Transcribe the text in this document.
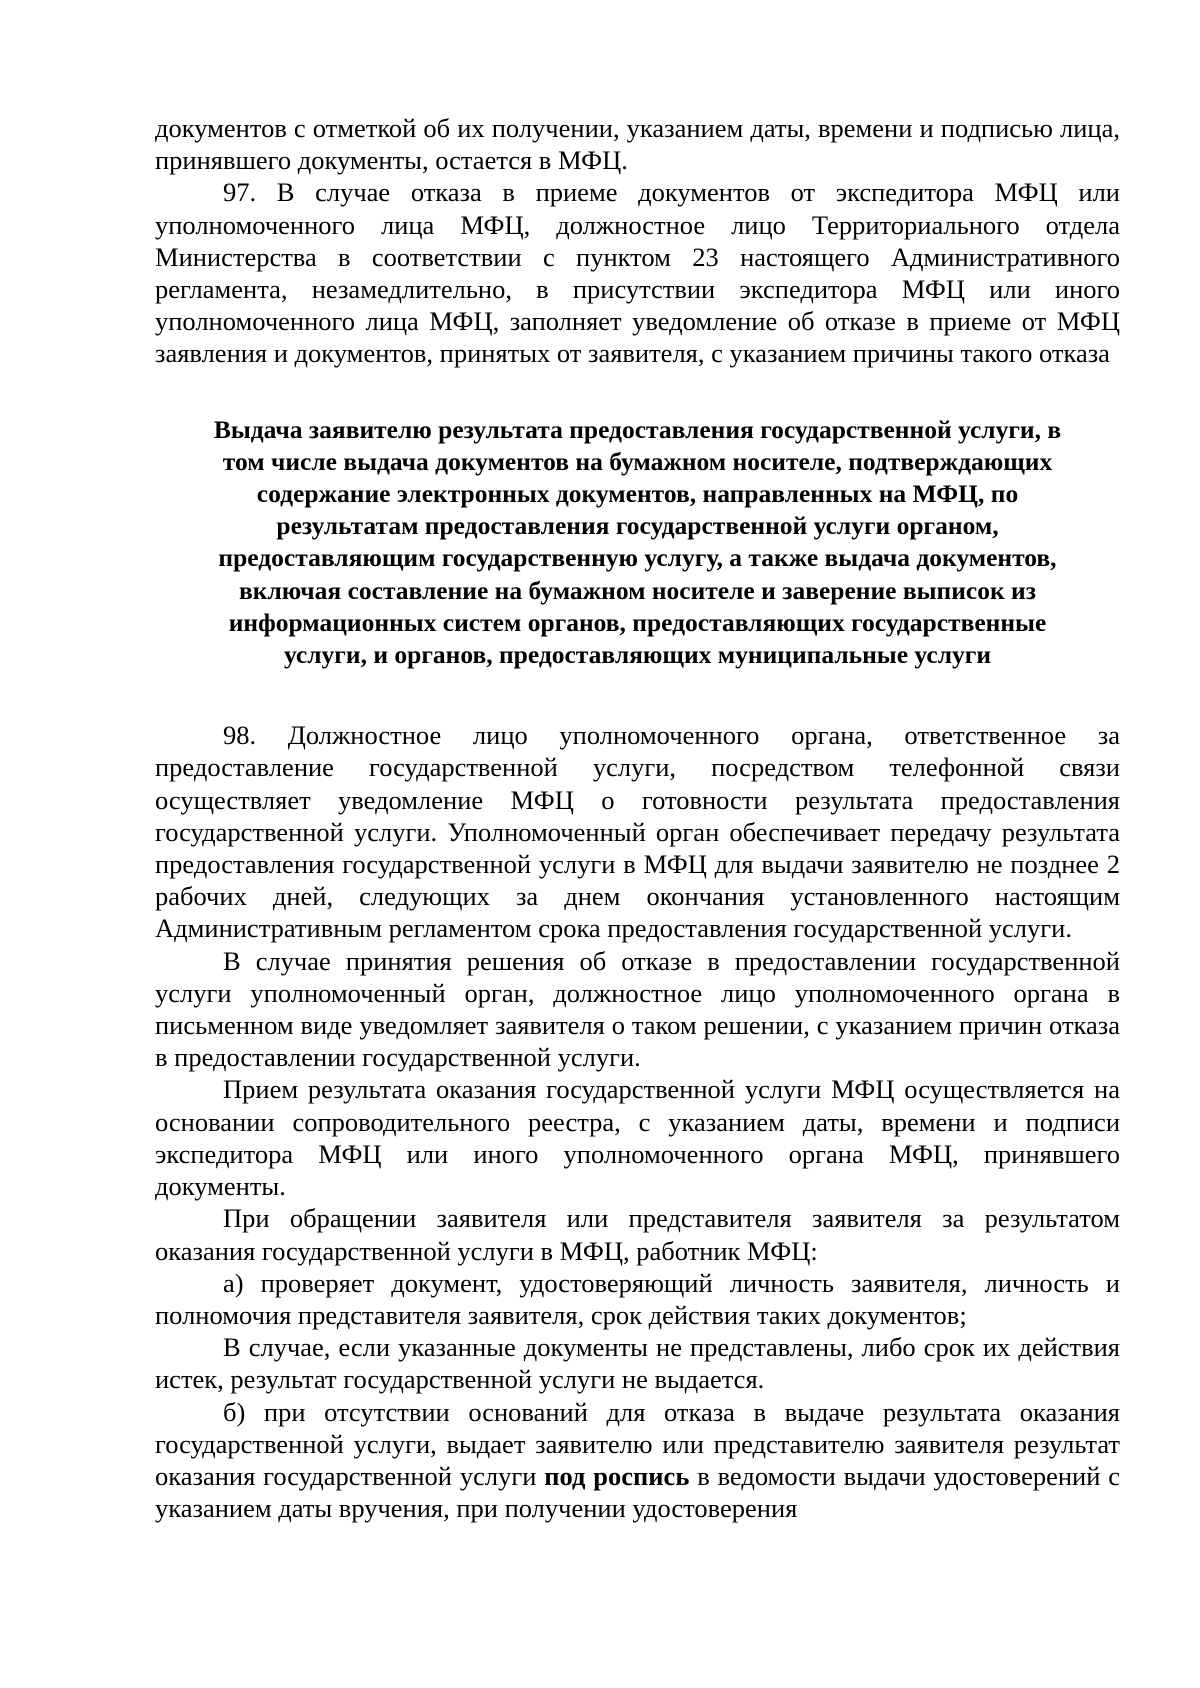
документов с отметкой об их получении, указанием даты, времени и подписью лица, принявшего документы, остается в МФЦ.

97. В случае отказа в приеме документов от экспедитора МФЦ или уполномоченного лица МФЦ, должностное лицо Территориального отдела Министерства в соответствии с пунктом 23 настоящего Административного регламента, незамедлительно, в присутствии экспедитора МФЦ или иного уполномоченного лица МФЦ, заполняет уведомление об отказе в приеме от МФЦ заявления и документов, принятых от заявителя, с указанием причины такого отказа

Выдача заявителю результата предоставления государственной услуги, в
том числе выдача документов на бумажном носителе, подтверждающих
содержание электронных документов, направленных на МФЦ, по
результатам предоставления государственной услуги органом,
предоставляющим государственную услугу, а также выдача документов,
включая составление на бумажном носителе и заверение выписок из
информационных систем органов, предоставляющих государственные
услуги, и органов, предоставляющих муниципальные услуги

98. Должностное лицо уполномоченного органа, ответственное за предоставление государственной услуги, посредством телефонной связи осуществляет уведомление МФЦ о готовности результата предоставления государственной услуги. Уполномоченный орган обеспечивает передачу результата предоставления государственной услуги в МФЦ для выдачи заявителю не позднее 2 рабочих дней, следующих за днем окончания установленного настоящим Административным регламентом срока предоставления государственной услуги.

В случае принятия решения об отказе в предоставлении государственной услуги уполномоченный орган, должностное лицо уполномоченного органа в письменном виде уведомляет заявителя о таком решении, с указанием причин отказа в предоставлении государственной услуги.

Прием результата оказания государственной услуги МФЦ осуществляется на основании сопроводительного реестра, с указанием даты, времени и подписи экспедитора МФЦ или иного уполномоченного органа МФЦ, принявшего документы.

При обращении заявителя или представителя заявителя за результатом оказания государственной услуги в МФЦ, работник МФЦ:

а) проверяет документ, удостоверяющий личность заявителя, личность и полномочия представителя заявителя, срок действия таких документов;

В случае, если указанные документы не представлены, либо срок их действия истек, результат государственной услуги не выдается.

б) при отсутствии оснований для отказа в выдаче результата оказания государственной услуги, выдает заявителю или представителю заявителя результат оказания государственной услуги под роспись в ведомости выдачи удостоверений с указанием даты вручения, при получении удостоверения
